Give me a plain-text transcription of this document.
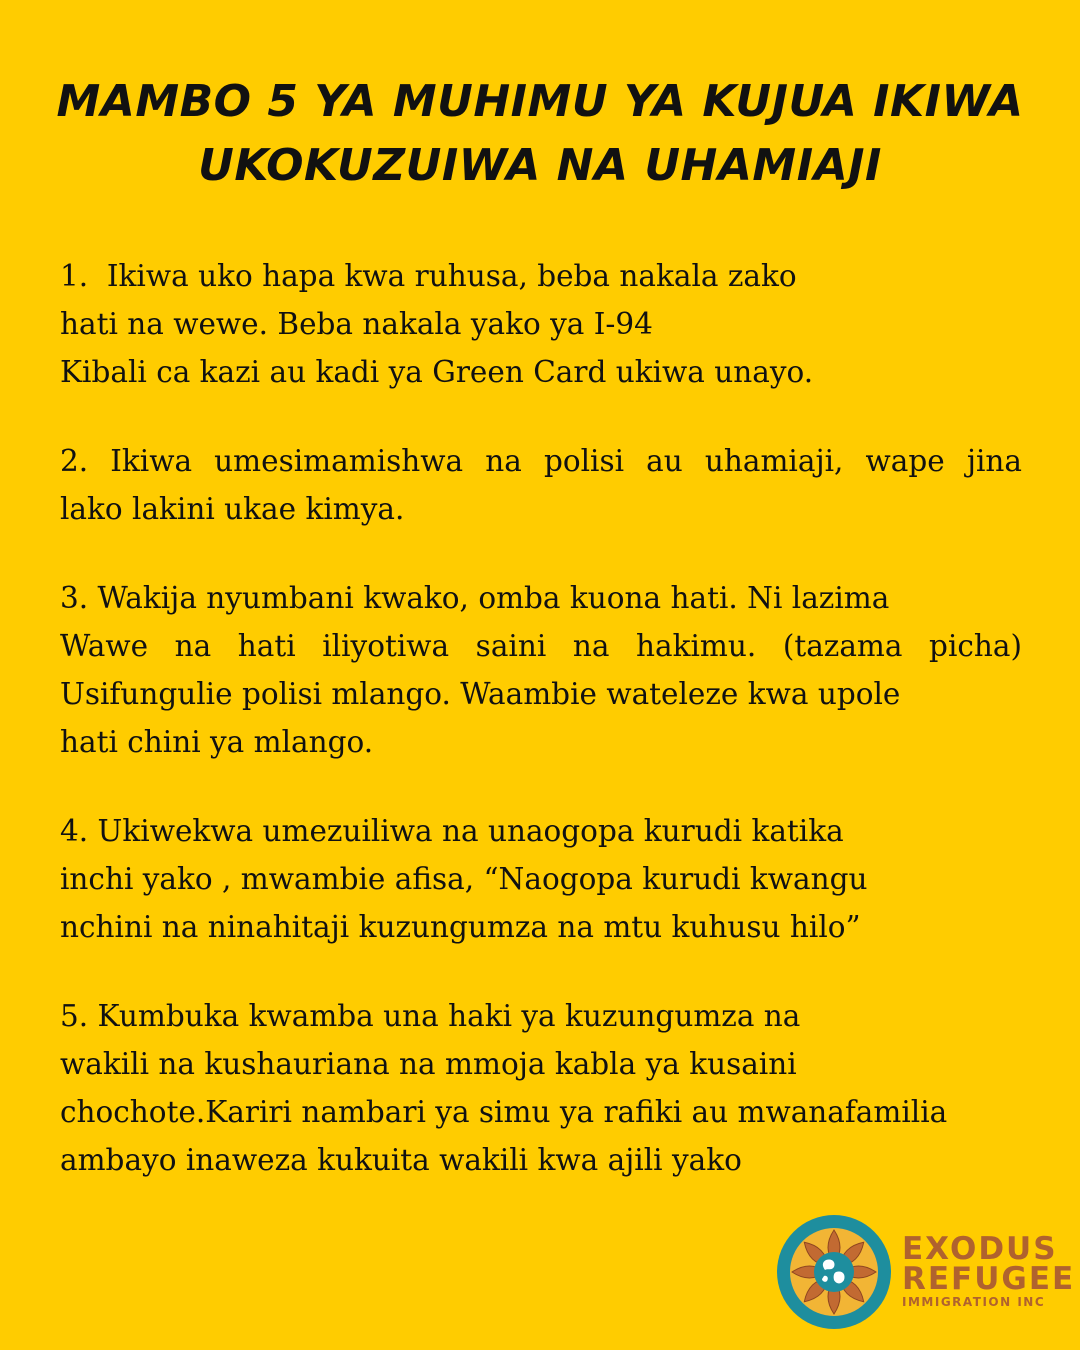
MAMBO 5 YA MUHIMU YA KUJUA IKIWA
UKOKUZUIWA NA UHAMIAJI
1.  Ikiwa uko hapa kwa ruhusa, beba nakala zako
hati na wewe. Beba nakala yako ya I-94
Kibali ca kazi au kadi ya Green Card ukiwa unayo.
2. Ikiwa umesimamishwa na polisi au uhamiaji, wape jina
lako lakini ukae kimya.
3. Wakija nyumbani kwako, omba kuona hati. Ni lazima
Wawe na hati iliyotiwa saini na hakimu. (tazama picha)
Usifungulie polisi mlango. Waambie wateleze kwa upole
hati chini ya mlango.
4. Ukiwekwa umezuiliwa na unaogopa kurudi katika
inchi yako , mwambie afisa, “Naogopa kurudi kwangu
nchini na ninahitaji kuzungumza na mtu kuhusu hilo”
5. Kumbuka kwamba una haki ya kuzungumza na
wakili na kushauriana na mmoja kabla ya kusaini
chochote.Kariri nambari ya simu ya rafiki au mwanafamilia
ambayo inaweza kukuita wakili kwa ajili yako
EXODUS
REFUGEE
IMMIGRATION INC
